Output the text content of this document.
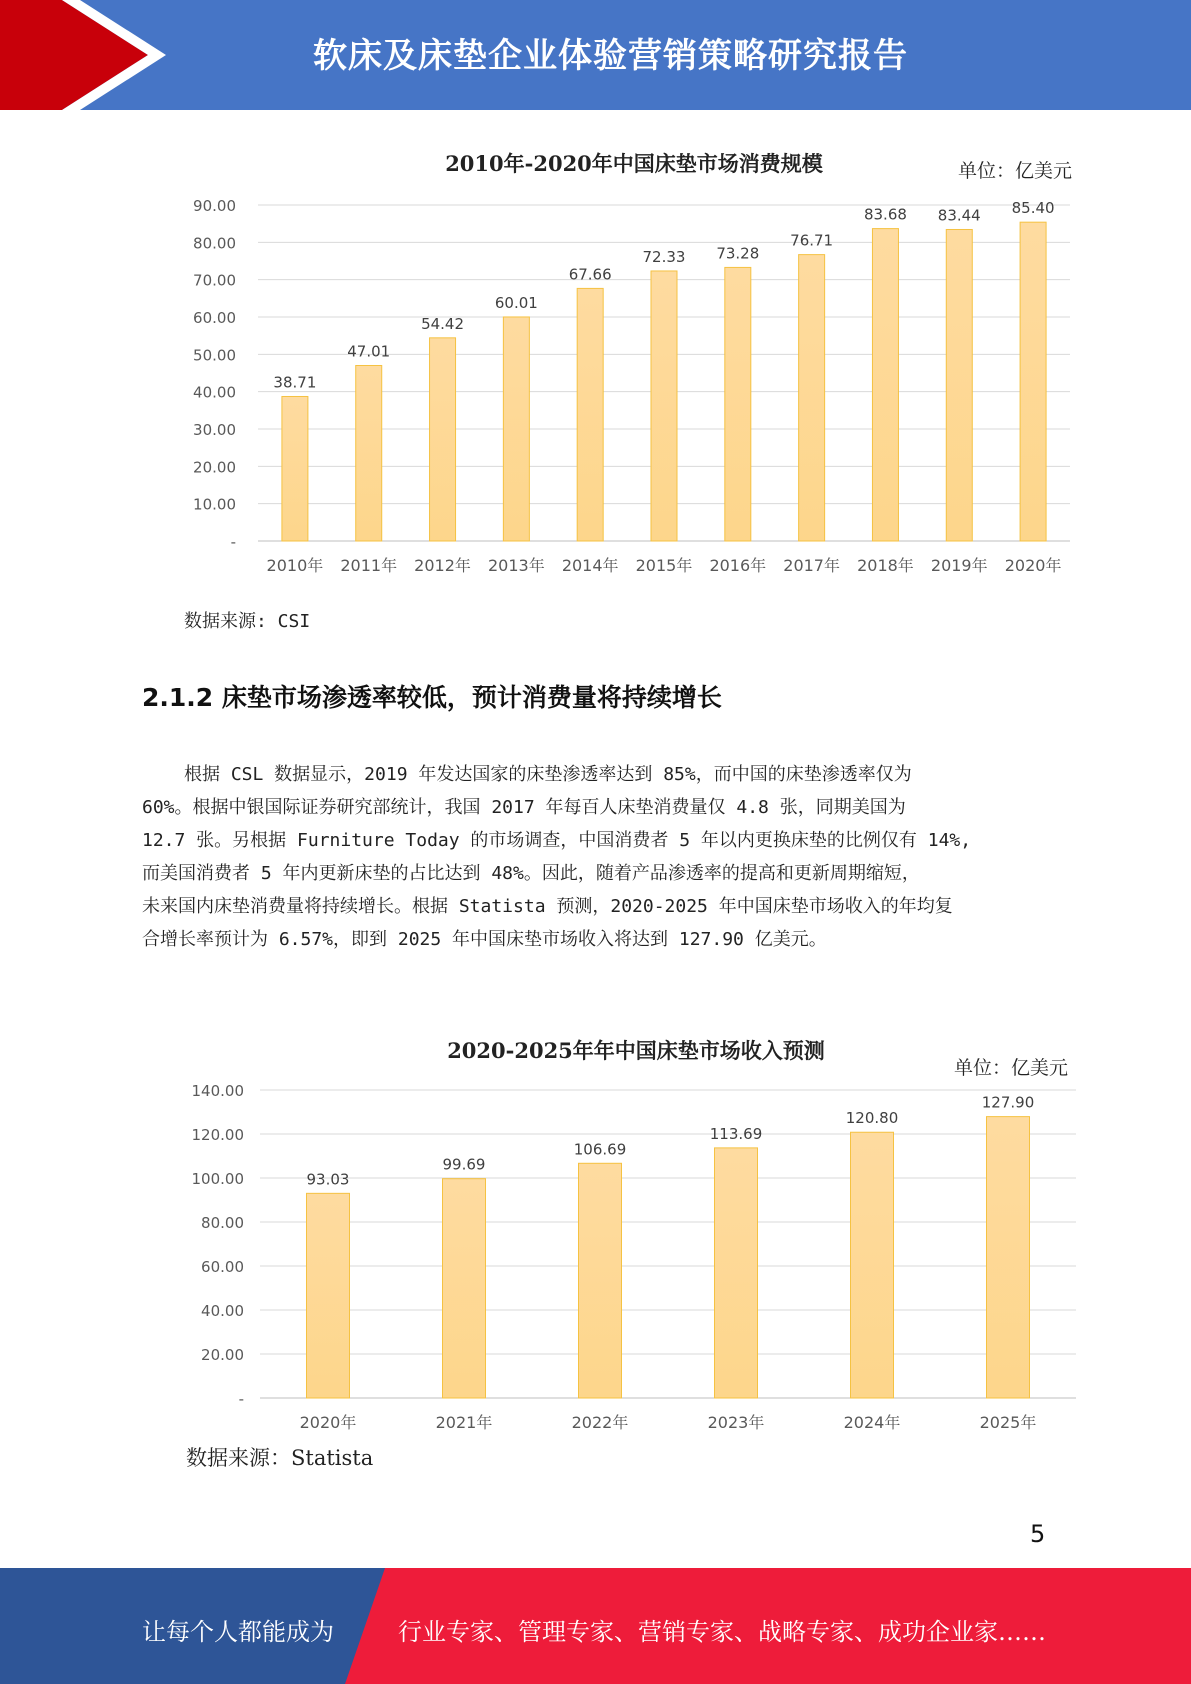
软床及床垫企业体验营销策略研究报告
2010年-2020年中国床垫市场消费规模	单位：亿美元
-
10.00
20.00
30.00
40.00
50.00
60.00
70.00
80.00
90.00
38.71
2010年
47.01
2011年
54.42
2012年
60.01
2013年
67.66
2014年
72.33
2015年
73.28
2016年
76.71
2017年
83.68
2018年
83.44
2019年
85.40
2020年
数据来源: CSI
2.1.2 床垫市场渗透率较低，预计消费量将持续增长
根据 CSL 数据显示，2019 年发达国家的床垫渗透率达到 85%，而中国的床垫渗透率仅为
60%。根据中银国际证券研究部统计，我国 2017 年每百人床垫消费量仅 4.8 张，同期美国为
12.7 张。另根据 Furniture Today 的市场调查，中国消费者 5 年以内更换床垫的比例仅有 14%,
而美国消费者 5 年内更新床垫的占比达到 48%。因此，随着产品渗透率的提高和更新周期缩短，
未来国内床垫消费量将持续增长。根据 Statista 预测，2020-2025 年中国床垫市场收入的年均复
合增长率预计为 6.57%，即到 2025 年中国床垫市场收入将达到 127.90 亿美元。
2020-2025年年中国床垫市场收入预测
单位：亿美元
-
20.00
40.00
60.00
80.00
100.00
120.00
140.00
93.03
2020年
99.69
2021年
106.69
2022年
113.69
2023年
120.80
2024年
127.90
2025年
数据来源：Statista
5
让每个人都能成为	行业专家、管理专家、营销专家、战略专家、成功企业家……
